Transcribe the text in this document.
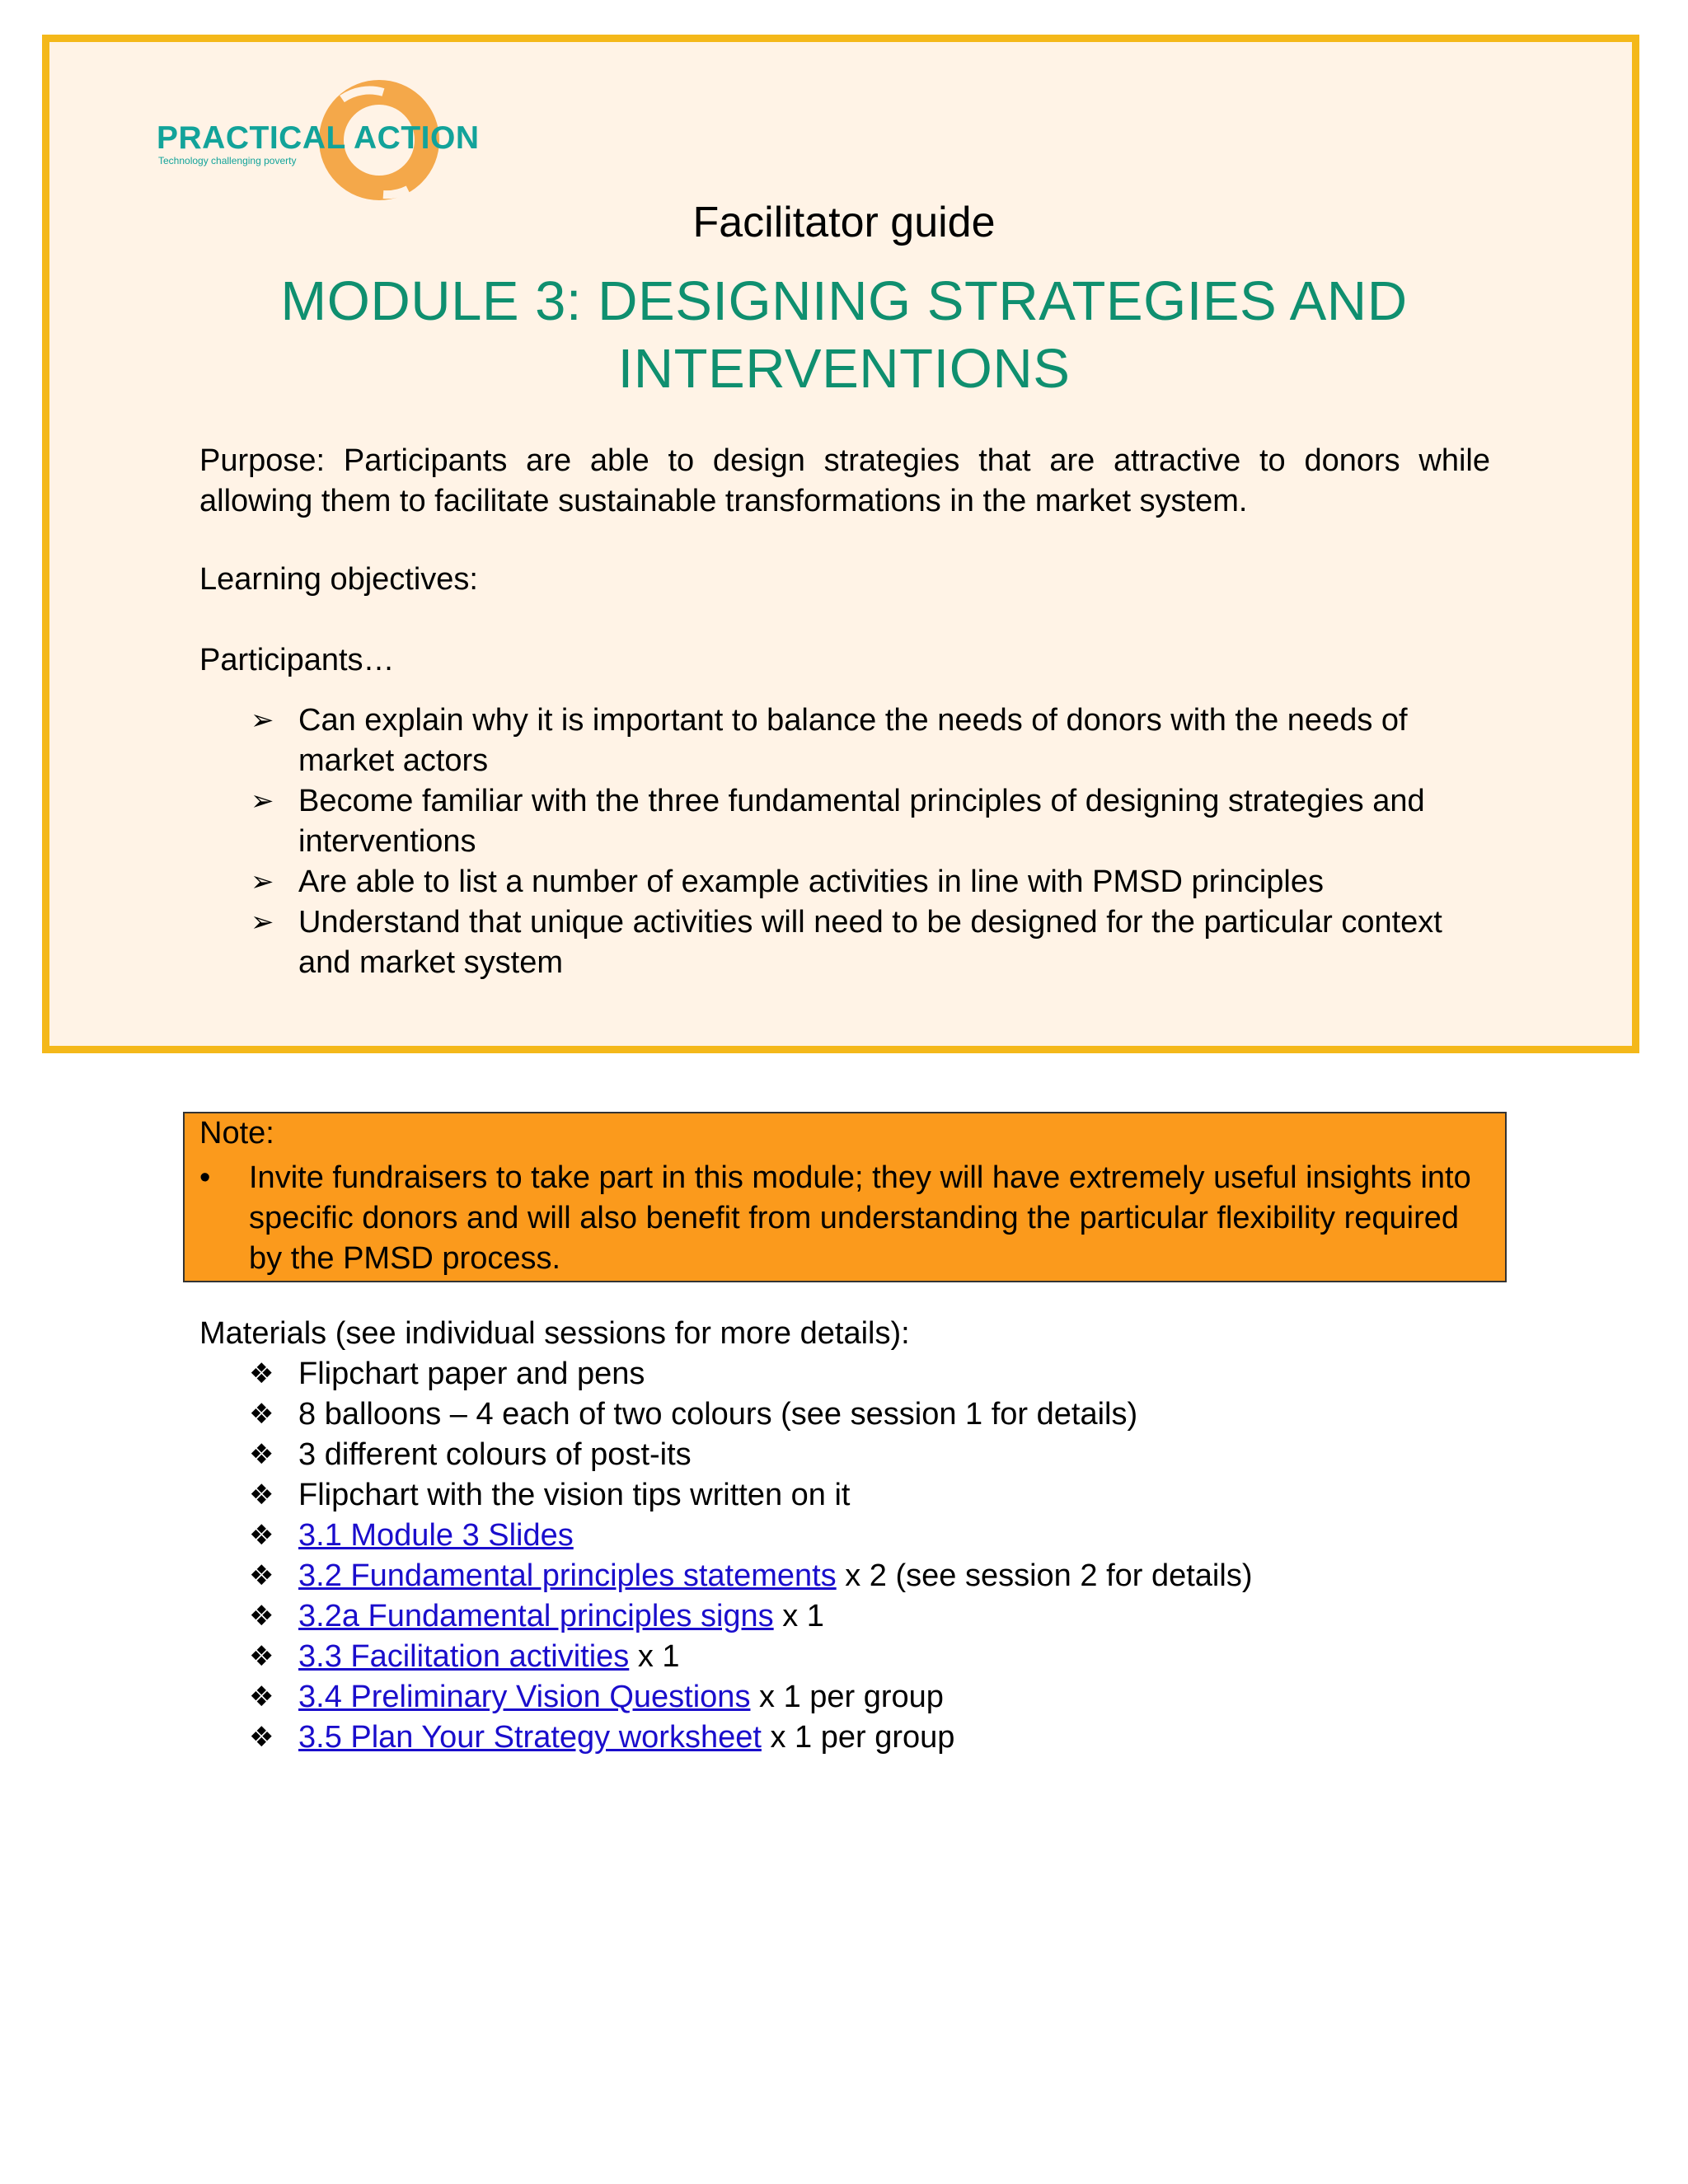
PRACTICAL ACTION
Technology challenging poverty
Facilitator guide
MODULE 3: DESIGNING STRATEGIES AND
INTERVENTIONS
Purpose: Participants are able to design strategies that are attractive to donors while allowing them to facilitate sustainable transformations in the market system.
Learning objectives:
Participants…
➢ Can explain why it is important to balance the needs of donors with the needs of market actors
➢ Become familiar with the three fundamental principles of designing strategies and interventions
➢ Are able to list a number of example activities in line with PMSD principles
➢ Understand that unique activities will need to be designed for the particular context and market system
Note:
• Invite fundraisers to take part in this module; they will have extremely useful insights into specific donors and will also benefit from understanding the particular flexibility required by the PMSD process.
Materials (see individual sessions for more details):
❖ Flipchart paper and pens
❖ 8 balloons – 4 each of two colours (see session 1 for details)
❖ 3 different colours of post-its
❖ Flipchart with the vision tips written on it
❖ 3.1 Module 3 Slides
❖ 3.2 Fundamental principles statements x 2 (see session 2 for details)
❖ 3.2a Fundamental principles signs x 1
❖ 3.3 Facilitation activities x 1
❖ 3.4 Preliminary Vision Questions x 1 per group
❖ 3.5 Plan Your Strategy worksheet x 1 per group
